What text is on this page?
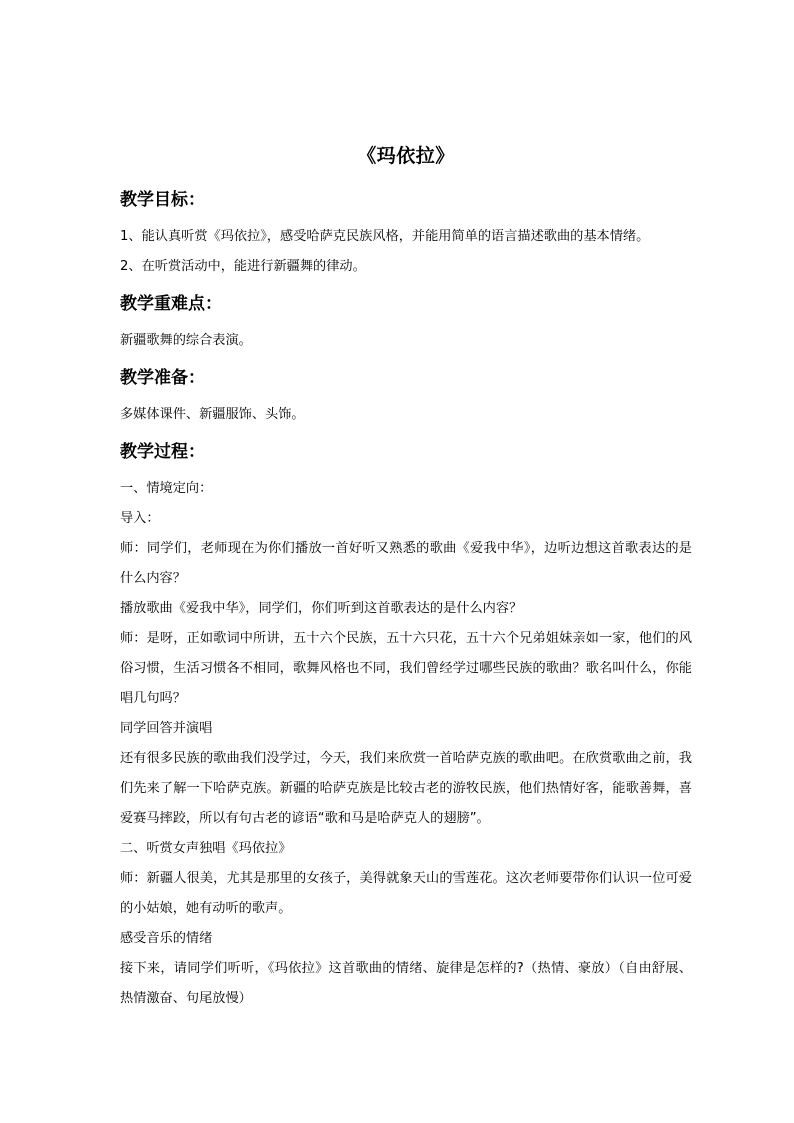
《玛依拉》
教学目标：

1、能认真听赏《玛依拉》，感受哈萨克民族风格，并能用简单的语言描述歌曲的基本情绪。

2、在听赏活动中，能进行新疆舞的律动。

教学重难点：

新疆歌舞的综合表演。

教学准备：

多媒体课件、新疆服饰、头饰。

教学过程：

一、情境定向：

导入：

师：同学们，老师现在为你们播放一首好听又熟悉的歌曲《爱我中华》，边听边想这首歌表达的是什么内容？

播放歌曲《爱我中华》，同学们，你们听到这首歌表达的是什么内容？

师：是呀，正如歌词中所讲，五十六个民族，五十六只花，五十六个兄弟姐妹亲如一家，他们的风俗习惯，生活习惯各不相同，歌舞风格也不同，我们曾经学过哪些民族的歌曲？歌名叫什么，你能唱几句吗？

同学回答并演唱

还有很多民族的歌曲我们没学过，今天，我们来欣赏一首哈萨克族的歌曲吧。在欣赏歌曲之前，我们先来了解一下哈萨克族。新疆的哈萨克族是比较古老的游牧民族，他们热情好客，能歌善舞，喜爱赛马摔跤，所以有句古老的谚语“歌和马是哈萨克人的翅膀”。

二、听赏女声独唱《玛依拉》

师：新疆人很美，尤其是那里的女孩子，美得就象天山的雪莲花。这次老师要带你们认识一位可爱的小姑娘，她有动听的歌声。

感受音乐的情绪

接下来，请同学们听听，《玛依拉》这首歌曲的情绪、旋律是怎样的?（热情、豪放）（自由舒展、热情激奋、句尾放慢）
